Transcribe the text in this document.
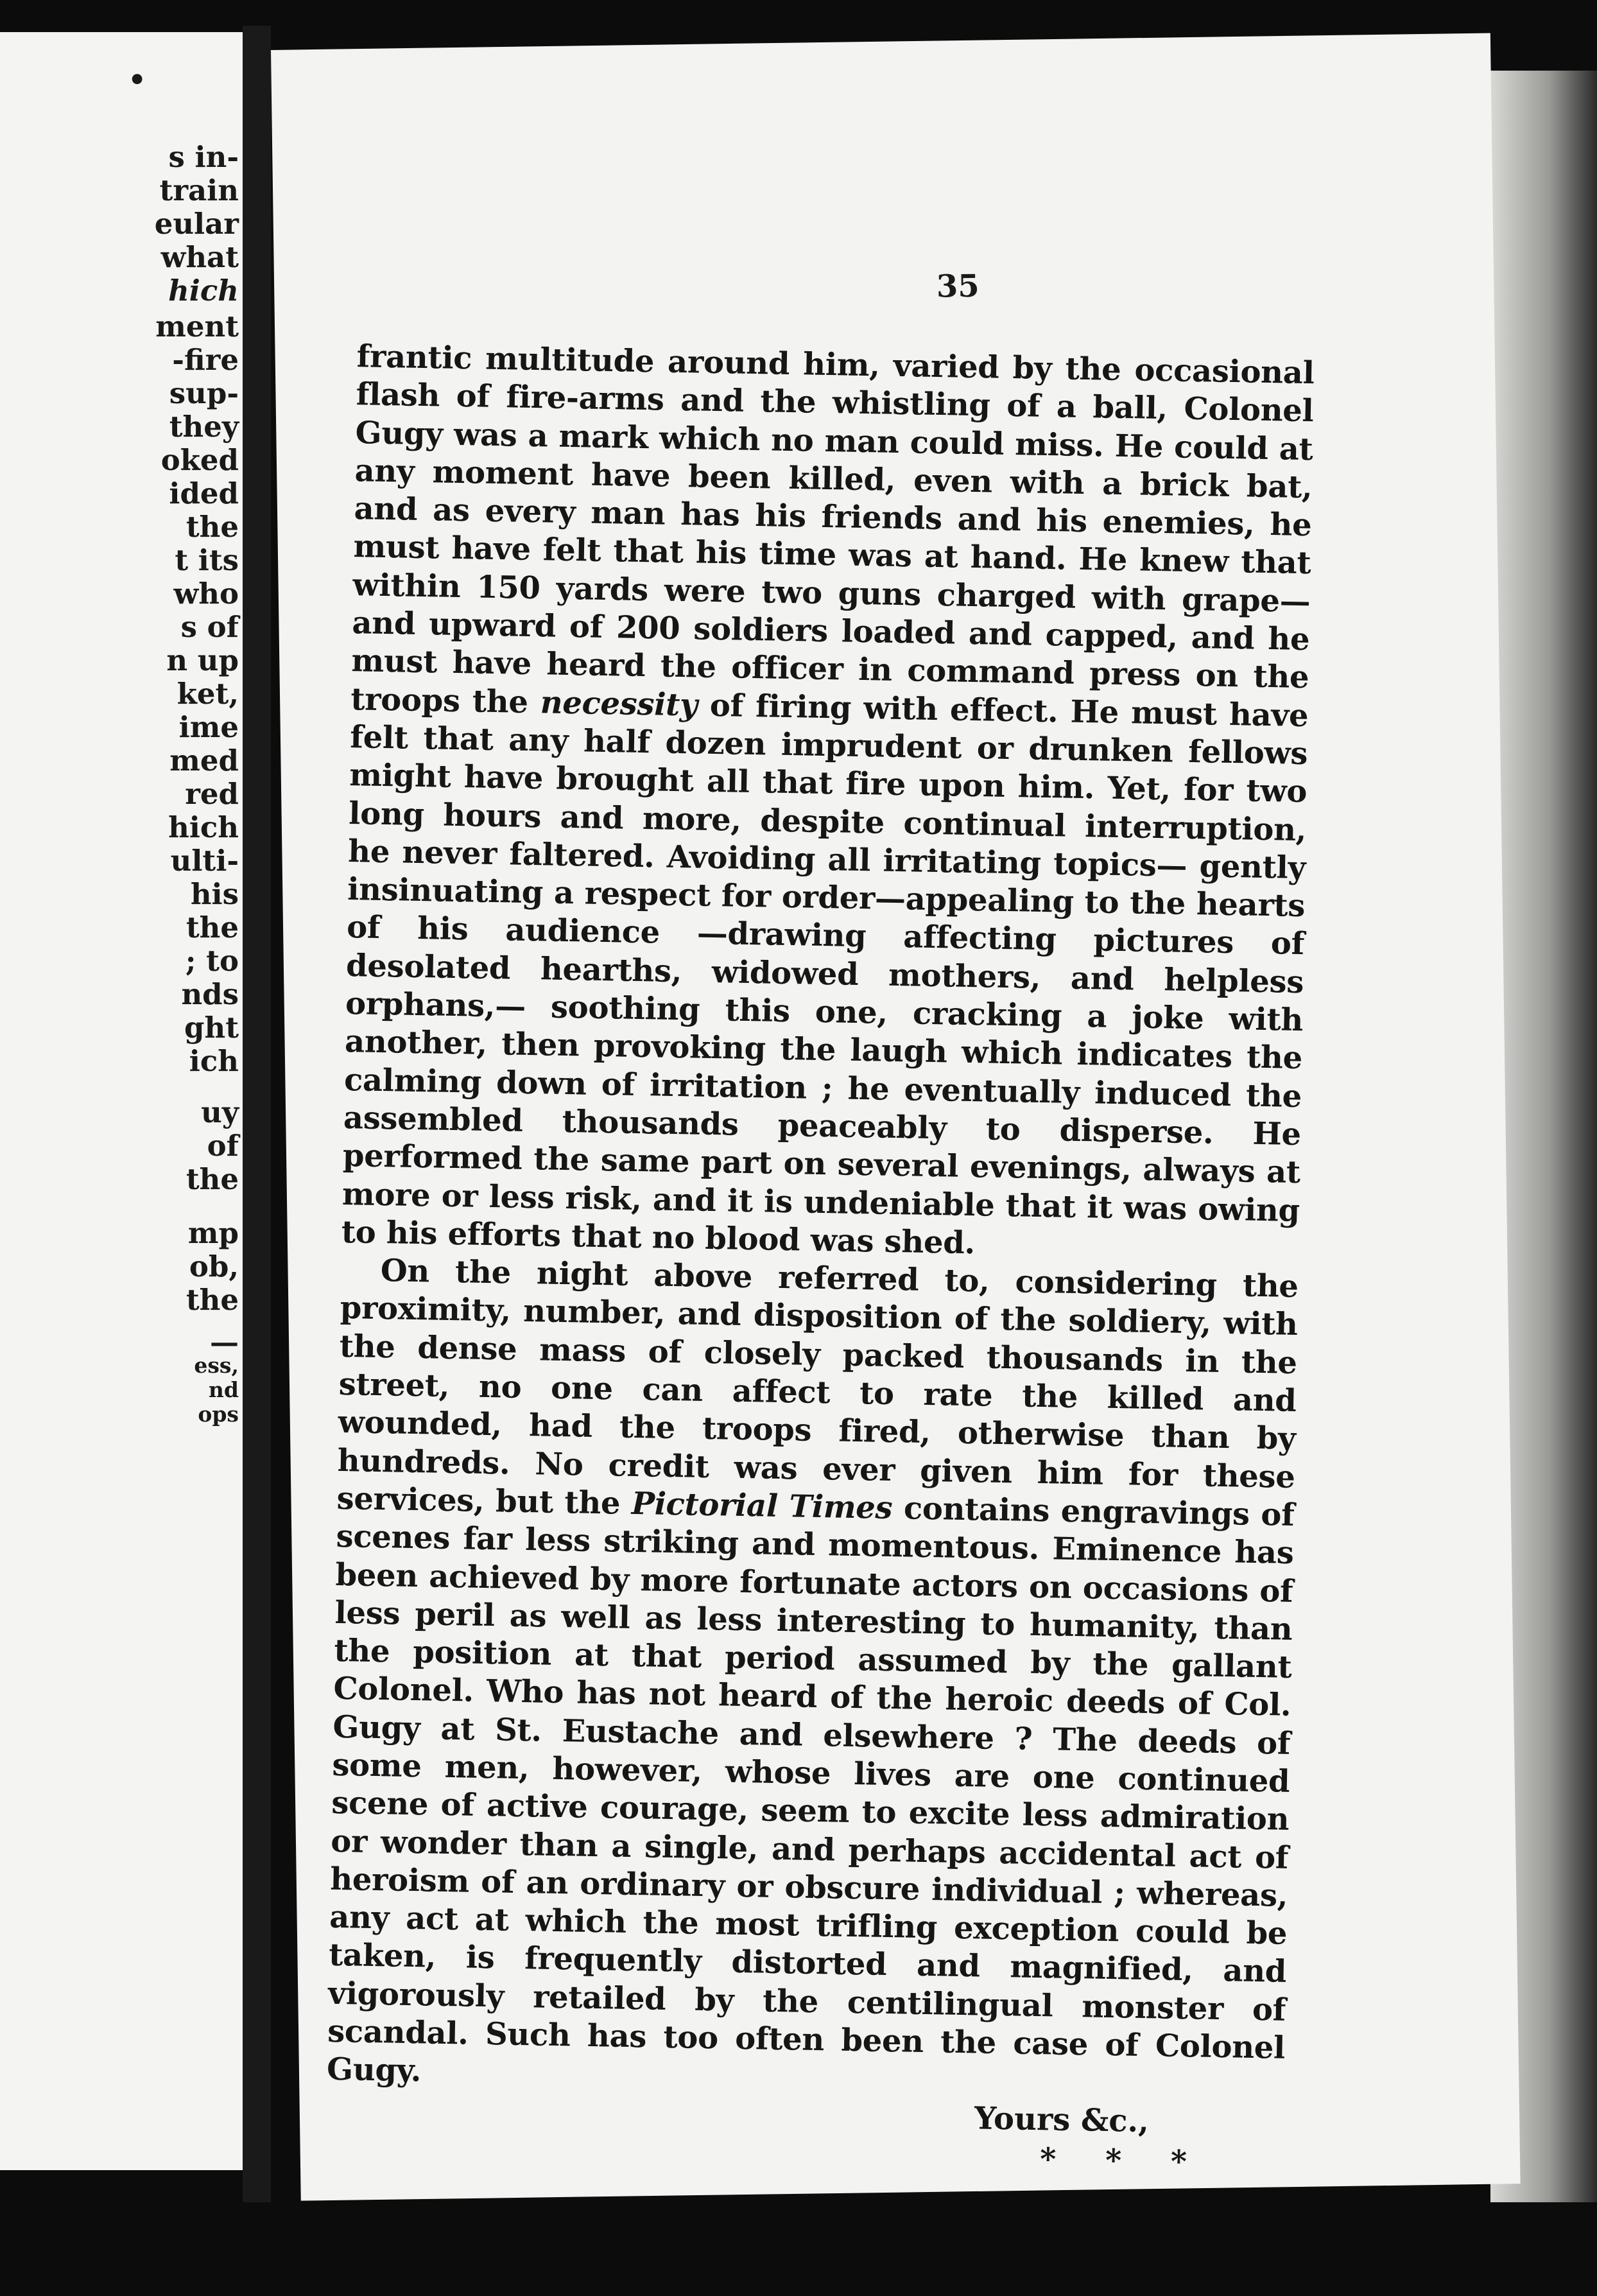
•

s in-

train

eular

what

hich

ment

-fire

sup-

they

oked

ided

the

t its

who

s of

n up

ket,

ime

med

red

hich

ulti-

his

the

; to

nds

ght

ich

uy

of

the

mp

ob,

the

—

ess,

nd

ops

35

frantic multitude around him, varied by the occasional flash of fire-arms and the whistling of a ball, Colonel Gugy was a mark which no man could miss. He could at any moment have been killed, even with a brick bat, and as every man has his friends and his enemies, he must have felt that his time was at hand. He knew that within 150 yards were two guns charged with grape—and upward of 200 soldiers loaded and capped, and he must have heard the officer in command press on the troops the necessity of firing with effect. He must have felt that any half dozen imprudent or drunken fellows might have brought all that fire upon him. Yet, for two long hours and more, despite continual interruption, he never faltered. Avoiding all irritating topics— gently insinuating a respect for order—appealing to the hearts of his audience —drawing affecting pictures of desolated hearths, widowed mothers, and helpless orphans,— soothing this one, cracking a joke with another, then provoking the laugh which indicates the calming down of irritation ; he eventually induced the assembled thousands peaceably to disperse. He performed the same part on several evenings, always at more or less risk, and it is undeniable that it was owing to his efforts that no blood was shed.

On the night above referred to, considering the proximity, number, and disposition of the soldiery, with the dense mass of closely packed thousands in the street, no one can affect to rate the killed and wounded, had the troops fired, otherwise than by hundreds. No credit was ever given him for these services, but the Pictorial Times contains engravings of scenes far less striking and momentous. Eminence has been achieved by more fortunate actors on occasions of less peril as well as less interesting to humanity, than the position at that period assumed by the gallant Colonel. Who has not heard of the heroic deeds of Col. Gugy at St. Eustache and elsewhere ? The deeds of some men, however, whose lives are one continued scene of active courage, seem to excite less admiration or wonder than a single, and perhaps accidental act of heroism of an ordinary or obscure individual ; whereas, any act at which the most trifling exception could be taken, is frequently distorted and magnified, and vigorously retailed by the centilingual monster of scandal. Such has too often been the case of Colonel Gugy.

Yours &c.,

* * *
